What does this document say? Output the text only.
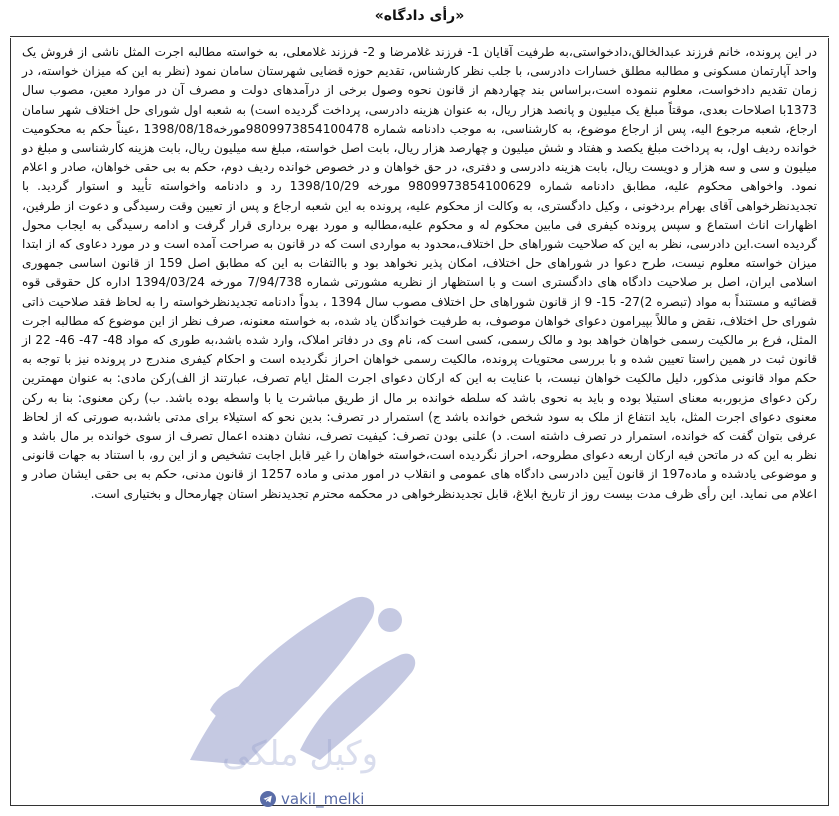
«رأی دادگاه»

در این پرونده، خانم فرزند عبدالخالق،دادخواستی،به طرفیت آقایان 1- فرزند غلامرضا و 2- فرزند غلامعلی، به خواسته مطالبه اجرت المثل ناشی از فروش یک واحد آپارتمان مسکونی و مطالبه مطلق خسارات دادرسی، با جلب نظر کارشناس، تقدیم حوزه قضایی شهرستان سامان نمود (نظر به این که میزان خواسته، در زمان تقدیم دادخواست، معلوم ننموده است،براساس بند چهاردهم از قانون نحوه وصول برخی از درآمدهای دولت و مصرف آن در موارد معین، مصوب سال 1373با اصلاحات بعدی، موقتاً مبلغ یک میلیون و پانصد هزار ریال، به عنوان هزینه دادرسی، پرداخت گردیده است) به شعبه اول شورای حل اختلاف شهر سامان ارجاع، شعبه مرجوع الیه، پس از ارجاع موضوع، به کارشناسی، به موجب دادنامه شماره 9809973854100478مورخه1398/08/18 ،عیناً حکم به محکومیت خوانده ردیف اول، به پرداخت مبلغ یکصد و هفتاد و شش میلیون و چهارصد هزار ریال، بابت اصل خواسته، مبلغ سه میلیون ریال، بابت هزینه کارشناسی و مبلغ دو میلیون و سی و سه هزار و دویست ریال، بابت هزینه دادرسی و دفتری، در حق خواهان و در خصوص خوانده ردیف دوم، حکم به بی حقی خواهان، صادر و اعلام نمود. واخواهی محکوم علیه، مطابق دادنامه شماره 9809973854100629 مورخه 1398/10/29 رد و دادنامه واخواسته تأیید و استوار گردید. با تجدیدنظرخواهی آقای بهرام بردخونی ، وکیل دادگستری، به وکالت از محکوم علیه، پرونده به این شعبه ارجاع و پس از تعیین وقت رسیدگی و دعوت از طرفین، اظهارات اناث استماع و سپس پرونده کیفری فی مابین محکوم له و محکوم علیه،مطالبه و مورد بهره برداری قرار گرفت و ادامه رسیدگی به ایجاب محول گردیده است.این دادرسی، نظر به این که صلاحیت شوراهای حل اختلاف،محدود به مواردی است که در قانون به صراحت آمده است و در مورد دعاوی که از ابتدا میزان خواسته معلوم نیست، طرح دعوا در شوراهای حل اختلاف، امکان پذیر نخواهد بود و باالتفات به این که مطابق اصل 159 از قانون اساسی جمهوری اسلامی ایران، اصل بر صلاحیت دادگاه های دادگستری است و با استظهار از نظریه مشورتی شماره 7/94/738 مورخه 1394/03/24 اداره کل حقوقی قوه قضائیه و مستنداً به مواد (تبصره 2)27- 15- 9 از قانون شوراهای حل اختلاف مصوب سال 1394 ، بدواً دادنامه تجدیدنظرخواسته را به لحاظ فقد صلاحیت ذاتی شورای حل اختلاف، نقض و ماللاً بپیرامون دعوای خواهان موصوف، به طرفیت خواندگان یاد شده، به خواسته معنونه، صرف نظر از این موضوع که مطالبه اجرت المثل، فرع بر مالکیت رسمی خواهان خواهد بود و مالک رسمی، کسی است که، نام وی در دفاتر املاک، وارد شده باشد،به طوری که مواد 48- 47- 46- 22 از قانون ثبت در همین راستا تعیین شده و با بررسی محتویات پرونده، مالکیت رسمی خواهان احراز نگردیده است و احکام کیفری مندرج در پرونده نیز با توجه به حکم مواد قانونی مذکور، دلیل مالکیت خواهان نیست، با عنایت به این که ارکان دعوای اجرت المثل ایام تصرف، عبارتند از الف)رکن مادی: به عنوان مهمترین رکن دعوای مزبور،به معنای استیلا بوده و باید به نحوی باشد که سلطه خوانده بر مال از طریق مباشرت یا با واسطه بوده باشد. ب) رکن معنوی: بنا به رکن معنوی دعوای اجرت المثل، باید انتفاع از ملک به سود شخص خوانده باشد ج) استمرار در تصرف: بدین نحو که استیلاء برای مدتی باشد،به صورتی که از لحاظ عرفی بتوان گفت که خوانده، استمرار در تصرف داشته است. د) علنی بودن تصرف: کیفیت تصرف، نشان دهنده اعمال تصرف از سوی خوانده بر مال باشد و نظر به این که در ماتحن فیه ارکان اربعه دعوای مطروحه، احراز نگردیده است،خواسته خواهان را غیر قابل اجابت تشخیص و از این رو، با استناد به جهات قانونی و موضوعی یادشده و ماده197 از قانون آیین دادرسی دادگاه های عمومی و انقلاب در امور مدنی و ماده 1257 از قانون مدنی، حکم به بی حقی ایشان صادر و اعلام می نماید. این رأی ظرف مدت بیست روز از تاریخ ابلاغ، قابل تجدیدنظرخواهی در محکمه محترم تجدیدنظر استان چهارمحال و بختیاری است.

وکیل ملکی
vakil_melki
